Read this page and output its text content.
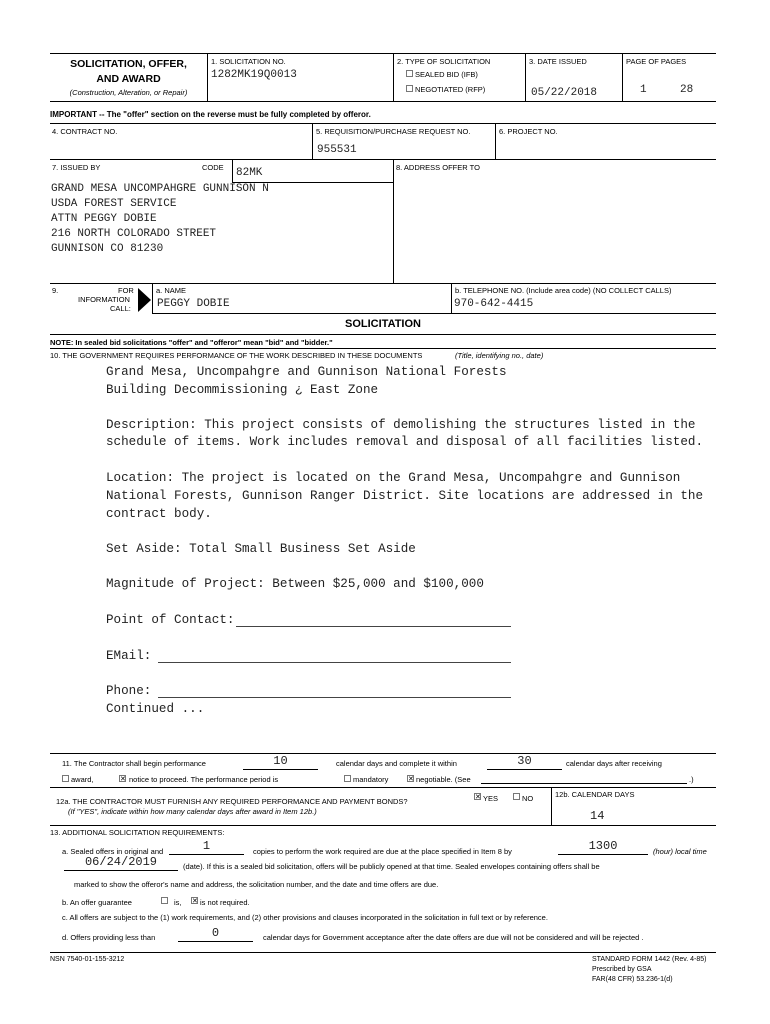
SOLICITATION, OFFER,
AND AWARD
(Construction, Alteration, or Repair)
1. SOLICITATION NO.
1282MK19Q0013
2. TYPE OF SOLICITATION
SEALED BID (IFB)
NEGOTIATED (RFP)
3. DATE ISSUED
05/22/2018
PAGE OF PAGES
1	28
IMPORTANT -- The "offer" section on the reverse must be fully completed by offeror.
4. CONTRACT NO.	5. REQUISITION/PURCHASE REQUEST NO.
955531
6. PROJECT NO.
7. ISSUED BY	CODE 82MK	8. ADDRESS OFFER TO
GRAND MESA UNCOMPAHGRE GUNNISON N
USDA FOREST SERVICE
ATTN PEGGY DOBIE
216 NORTH COLORADO STREET
GUNNISON CO 81230
9.	FOR
INFORMATION
CALL:
a. NAME
PEGGY DOBIE
b. TELEPHONE NO. (Include area code) (NO COLLECT CALLS)
970-642-4415
SOLICITATION
NOTE: In sealed bid solicitations "offer" and "offeror" mean "bid" and "bidder."
10. THE GOVERNMENT REQUIRES PERFORMANCE OF THE WORK DESCRIBED IN THESE DOCUMENTS	(Title, identifying no., date)
Grand Mesa, Uncompahgre and Gunnison National Forests
Building Decommissioning ¿ East Zone
Description: This project consists of demolishing the structures listed in the
schedule of items. Work includes removal and disposal of all facilities listed.
Location: The project is located on the Grand Mesa, Uncompahgre and Gunnison
National Forests, Gunnison Ranger District. Site locations are addressed in the
contract body.
Set Aside: Total Small Business Set Aside
Magnitude of Project: Between $25,000 and $100,000
Point of Contact:
EMail:
Phone:
Continued ...
11. The Contractor shall begin performance	10	calendar days and complete it within	30	calendar days after receiving
award,	✕ notice to proceed. The performance period is	mandatory	✕ negotiable. (See	.)
12a. THE CONTRACTOR MUST FURNISH ANY REQUIRED PERFORMANCE AND PAYMENT BONDS?
(If "YES", indicate within how many calendar days after award in Item 12b.)
✕ YES	NO	12b. CALENDAR DAYS
14
13. ADDITIONAL SOLICITATION REQUIREMENTS:
a. Sealed offers in original and	1	copies to perform the work required are due at the place specified in Item 8 by	1300	(hour) local time
06/24/2019	(date). If this is a sealed bid solicitation, offers will be publicly opened at that time. Sealed envelopes containing offers shall be
marked to show the offeror's name and address, the solicitation number, and the date and time offers are due.
b. An offer guarantee	is, ✕ is not required.
c. All offers are subject to the (1) work requirements, and (2) other provisions and clauses incorporated in the solicitation in full text or by reference.
d. Offers providing less than	0	calendar days for Government acceptance after the date offers are due will not be considered and will be rejected .
NSN 7540-01-155-3212	STANDARD FORM 1442 (Rev. 4-85)
Prescribed by GSA
FAR(48 CFR) 53.236-1(d)
